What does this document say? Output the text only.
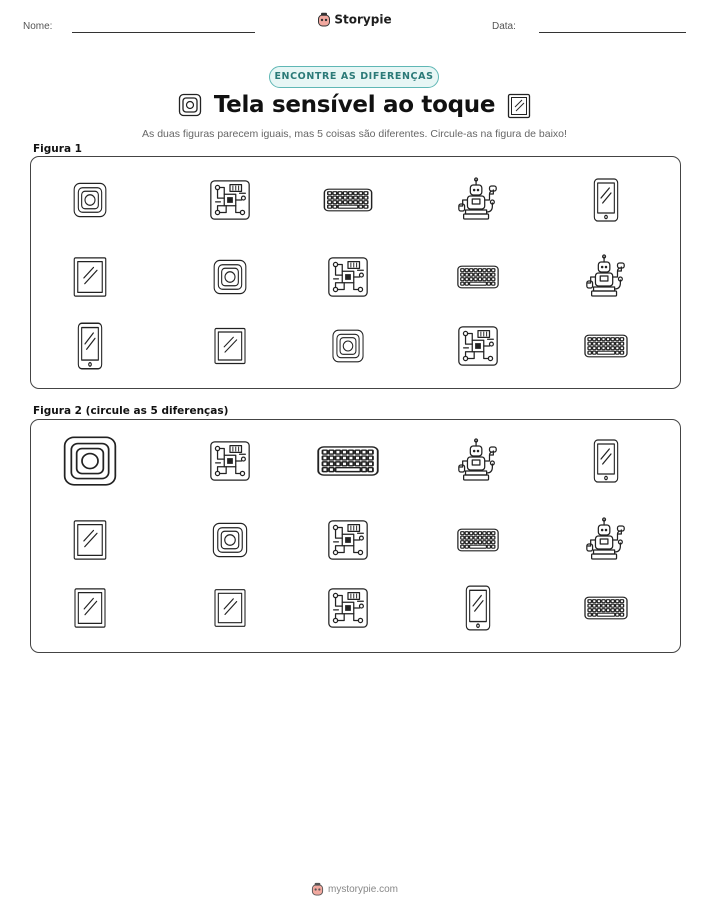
Nome:	Storypie	Data:
ENCONTRE AS DIFERENÇAS
Tela sensível ao toque
As duas figuras parecem iguais, mas 5 coisas são diferentes. Circule-as na figura de baixo!
Figura 1
Figura 2 (circule as 5 diferenças)
mystorypie.com
